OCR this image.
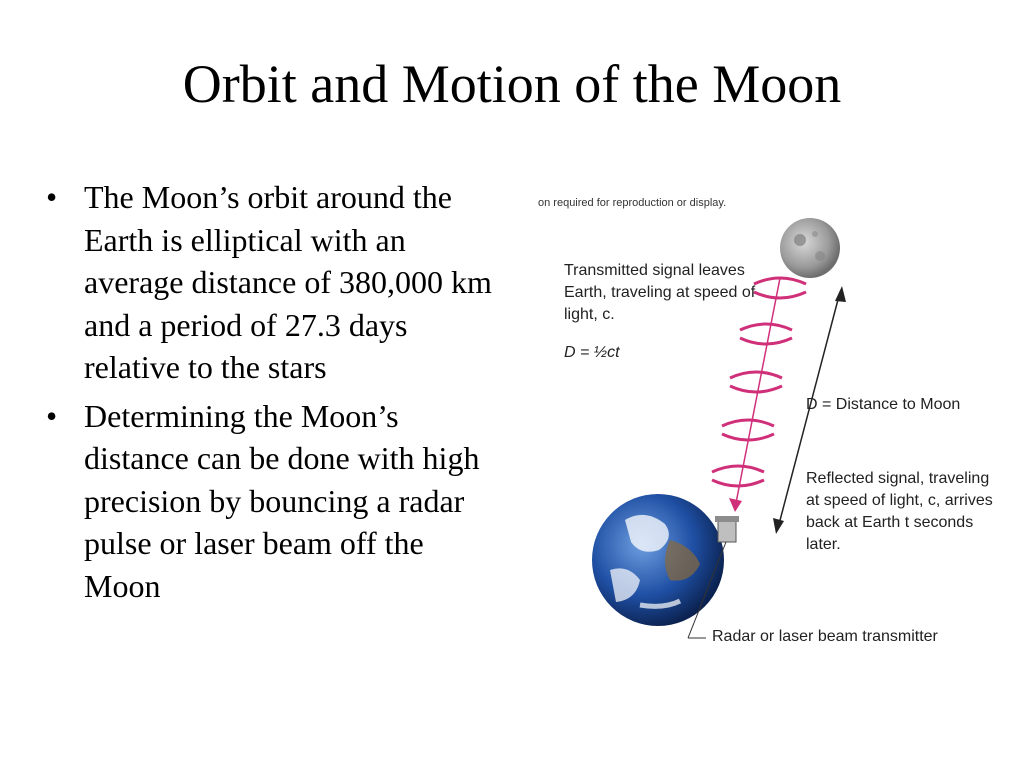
Orbit and Motion of the Moon
• The Moon’s orbit around the Earth is elliptical with an average distance of 380,000 km and a period of 27.3 days relative to the stars
• Determining the Moon’s distance can be done with high precision by bouncing a radar pulse or laser beam off the Moon
on required for reproduction or display.
Transmitted signal leaves Earth, traveling at speed of light, c.
D = ½ct
D = Distance to Moon
Reflected signal, traveling at speed of light, c, arrives back at Earth t seconds later.
Radar or laser beam transmitter
